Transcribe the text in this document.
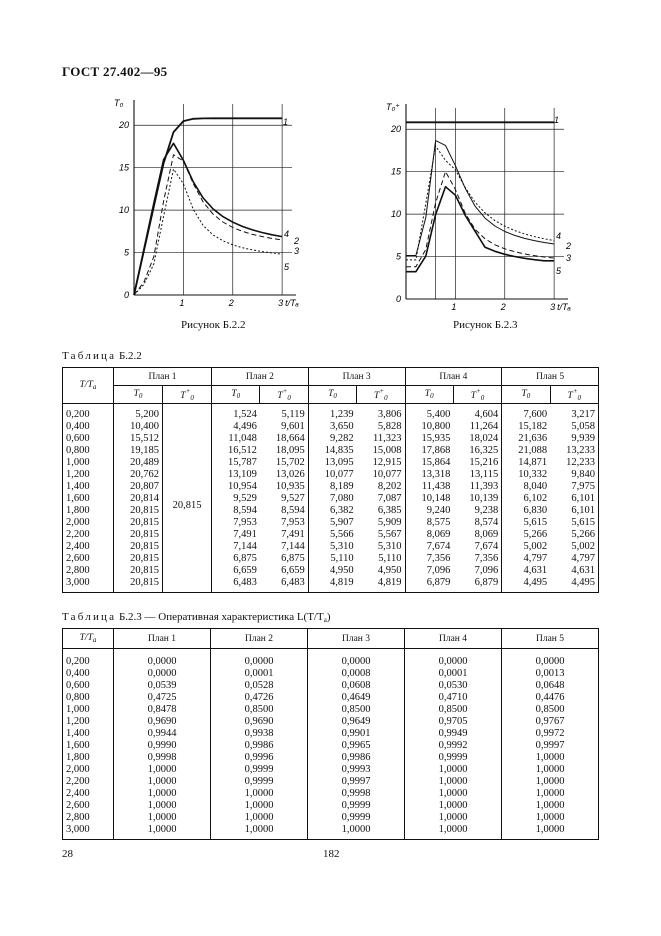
ГОСТ 27.402—95
0
5
10
15
20
1	2	3
T₀
t/Tₐ
1
2
3
4
5
Рисунок Б.2.2
0
5
10
15
20
1	2	3
T₀⁺
t/Tₐ
1
2
3
4
5
Рисунок Б.2.3
Таблица Б.2.2
$T/T_a$	План 1		План 2		План 3		План 4		План 5	
	$T_0$	$T^+_0$	$T_0$	$T^+_0$	$T_0$	$T^+_0$	$T_0$	$T^+_0$	$T_0$	$T^+_0$
0,200	5,200	20,815	1,524	5,119	1,239	3,806	5,400	4,604	7,600	3,217
0,400	10,400		4,496	9,601	3,650	5,828	10,800	11,264	15,182	5,058
0,600	15,512		11,048	18,664	9,282	11,323	15,935	18,024	21,636	9,939
0,800	19,185		16,512	18,095	14,835	15,008	17,868	16,325	21,088	13,233
1,000	20,489		15,787	15,702	13,095	12,915	15,864	15,216	14,871	12,233
1,200	20,762		13,109	13,026	10,077	10,077	13,318	13,115	10,332	9,840
1,400	20,807		10,954	10,935	8,189	8,202	11,438	11,393	8,040	7,975
1,600	20,814		9,529	9,527	7,080	7,087	10,148	10,139	6,102	6,101
1,800	20,815		8,594	8,594	6,382	6,385	9,240	9,238	6,830	6,101
2,000	20,815		7,953	7,953	5,907	5,909	8,575	8,574	5,615	5,615
2,200	20,815		7,491	7,491	5,566	5,567	8,069	8,069	5,266	5,266
2,400	20,815		7,144	7,144	5,310	5,310	7,674	7,674	5,002	5,002
2,600	20,815		6,875	6,875	5,110	5,110	7,356	7,356	4,797	4,797
2,800	20,815		6,659	6,659	4,950	4,950	7,096	7,096	4,631	4,631
3,000	20,815		6,483	6,483	4,819	4,819	6,879	6,879	4,495	4,495
Таблица Б.2.3 — Оперативная характеристика $L(T/T_a)$
$T/T_a$	План 1	План 2	План 3	План 4	План 5
0,200	0,0000	0,0000	0,0000	0,0000	0,0000
0,400	0,0000	0,0001	0,0008	0,0001	0,0013
0,600	0,0539	0,0528	0,0608	0,0530	0,0648
0,800	0,4725	0,4726	0,4649	0,4710	0,4476
1,000	0,8478	0,8500	0,8500	0,8500	0,8500
1,200	0,9690	0,9690	0,9649	0,9705	0,9767
1,400	0,9944	0,9938	0,9901	0,9949	0,9972
1,600	0,9990	0,9986	0,9965	0,9992	0,9997
1,800	0,9998	0,9996	0,9986	0,9999	1,0000
2,000	1,0000	0,9999	0,9993	1,0000	1,0000
2,200	1,0000	0,9999	0,9997	1,0000	1,0000
2,400	1,0000	1,0000	0,9998	1,0000	1,0000
2,600	1,0000	1,0000	0,9999	1,0000	1,0000
2,800	1,0000	1,0000	0,9999	1,0000	1,0000
3,000	1,0000	1,0000	1,0000	1,0000	1,0000
28	182
